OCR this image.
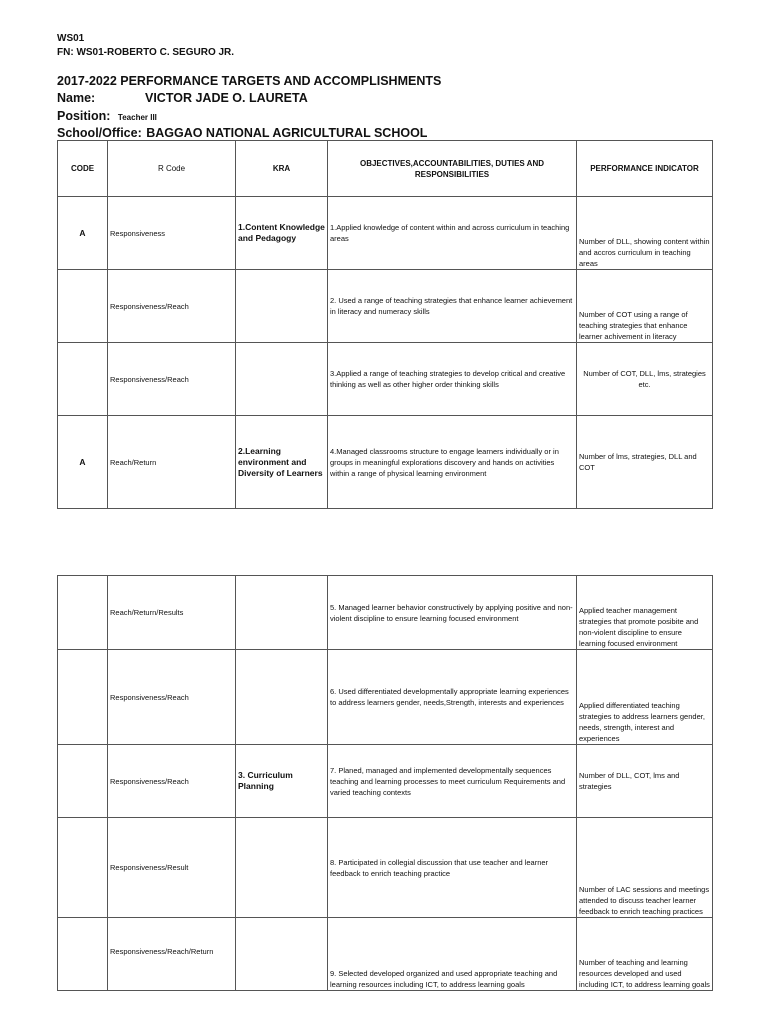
WS01
FN: WS01-ROBERTO C. SEGURO JR.
2017-2022 PERFORMANCE TARGETS AND ACCOMPLISHMENTS
Name:	VICTOR JADE O. LAURETA
Position: Teacher III
School/Office: BAGGAO NATIONAL AGRICULTURAL SCHOOL
CODE	R Code	KRA	OBJECTIVES,ACCOUNTABILITIES, DUTIES AND RESPONSIBILITIES	PERFORMANCE INDICATOR
A	Responsiveness	1.Content Knowledge and Pedagogy	1.Applied knowledge of content within and across curriculum in teaching areas	Number of DLL, showing content within and accros curriculum in teaching areas
	Responsiveness/Reach		2. Used a range of teaching strategies that enhance learner achievement in literacy and numeracy skills	Number of COT using a range of teaching strategies that enhance learner achivement in literacy
	Responsiveness/Reach		3.Applied a range of teaching strategies to develop critical and creative thinking as well as other higher order thinking skills	Number of COT, DLL, lms, strategies etc.
A	Reach/Return	2.Learning environment and Diversity of Learners	4.Managed classrooms structure to engage learners individually or in groups in meaningful explorations discovery and hands on activities within a range of physical learning environment	Number of lms, strategies, DLL and COT
	Reach/Return/Results		5. Managed learner behavior constructively by applying positive and non-violent discipline to ensure learning focused environment	Applied teacher management strategies that promote posibite and non-violent discipline to ensure learning focused environment
	Responsiveness/Reach		6. Used differentiated developmentally appropriate learning experiences to address learners gender, needs,Strength, interests and experiences	Applied differentiated teaching strategies to address learners gender, needs, strength, interest and experiences
	Responsiveness/Reach	3. Curriculum Planning	7. Planed, managed and implemented developmentally sequences teaching and learning processes to meet curriculum Requirements and varied teaching contexts	Number of DLL, COT, lms and strategies
	Responsiveness/Result		8. Participated in collegial discussion that use teacher and learner feedback to enrich teaching practice	Number of LAC sessions and meetings attended to discuss teacher learner feedback to enrich teaching practices
	Responsiveness/Reach/Return		9. Selected developed organized and used appropriate teaching and learning resources including ICT, to address learning goals	Number of teaching and learning resources developed and used including ICT, to address learning goals
